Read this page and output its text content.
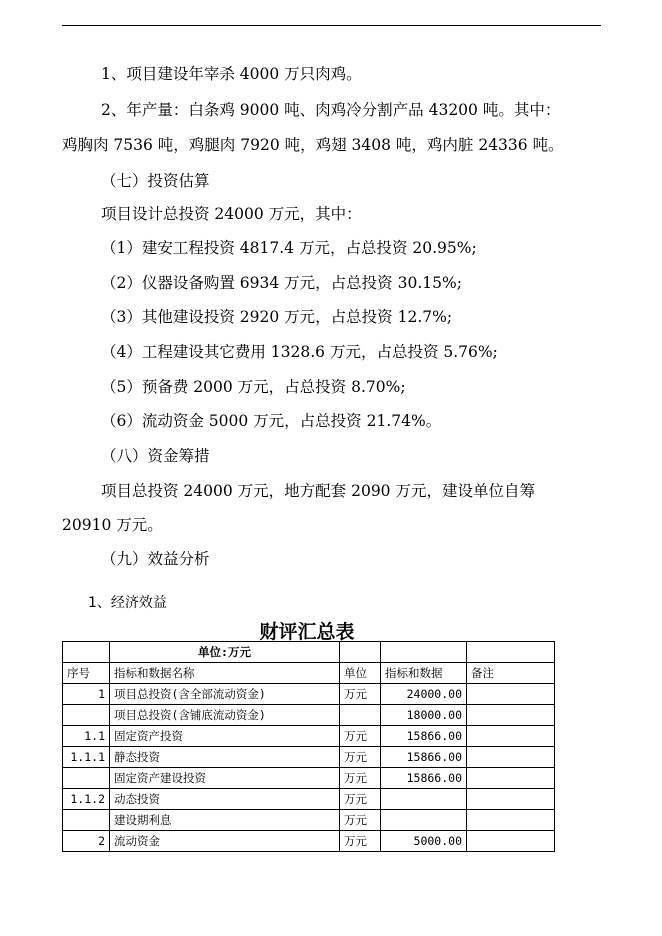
1、项目建设年宰杀 4000 万只肉鸡。
2、年产量：白条鸡 9000 吨、肉鸡冷分割产品 43200 吨。其中：
鸡胸肉 7536 吨，鸡腿肉 7920 吨，鸡翅 3408 吨，鸡内脏 24336 吨。
（七）投资估算
项目设计总投资 24000 万元，其中：
（1）建安工程投资 4817.4 万元，占总投资 20.95%;
（2）仪器设备购置 6934 万元，占总投资 30.15%;
（3）其他建设投资 2920 万元，占总投资 12.7%;
（4）工程建设其它费用 1328.6 万元，占总投资 5.76%;
（5）预备费 2000 万元，占总投资 8.70%;
（6）流动资金 5000 万元，占总投资 21.74%。
（八）资金筹措
项目总投资 24000 万元，地方配套 2090 万元，建设单位自筹
20910 万元。
（九）效益分析
1、经济效益
财评汇总表
	单位:万元			
序号	指标和数据名称	单位	指标和数据	备注
1	项目总投资(含全部流动资金)	万元	24000.00	
	项目总投资(含铺底流动资金)		18000.00	
1.1	固定资产投资	万元	15866.00	
1.1.1	静态投资	万元	15866.00	
	固定资产建设投资	万元	15866.00	
1.1.2	动态投资	万元		
	建设期利息	万元		
2	流动资金	万元	5000.00	
